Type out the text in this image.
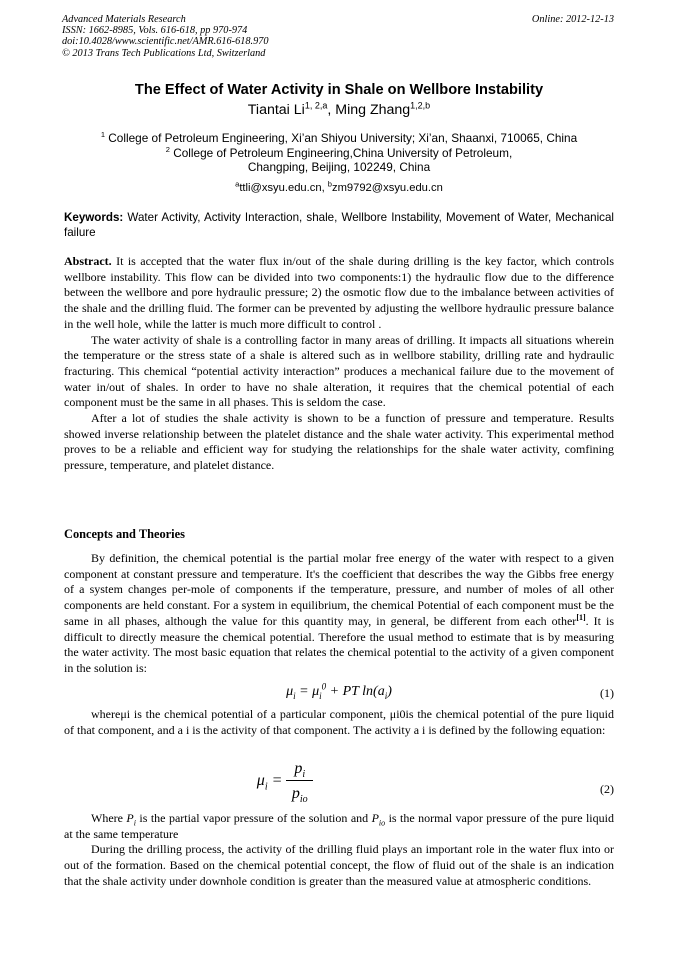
Advanced Materials Research
ISSN: 1662-8985, Vols. 616-618, pp 970-974
doi:10.4028/www.scientific.net/AMR.616-618.970
© 2013 Trans Tech Publications Ltd, Switzerland
Online: 2012-12-13
The Effect of Water Activity in Shale on Wellbore Instability
Tiantai Li$^{1, 2,a}$, Ming Zhang$^{1,2,b}$
$^1$ College of Petroleum Engineering, Xi’an Shiyou University; Xi’an, Shaanxi, 710065, China
$^2$ College of Petroleum Engineering,China University of Petroleum,
Changping, Beijing, 102249, China
$^a$ttli@xsyu.edu.cn, $^b$zm9792@xsyu.edu.cn
Keywords: Water Activity, Activity Interaction, shale, Wellbore Instability, Movement of Water, Mechanical failure

Abstract. It is accepted that the water flux in/out of the shale during drilling is the key factor, which controls wellbore instability. This flow can be divided into two components:1) the hydraulic flow due to the difference between the wellbore and pore hydraulic pressure; 2) the osmotic flow due to the imbalance between activities of the shale and the drilling fluid. The former can be prevented by adjusting the wellbore hydraulic pressure balance in the well hole, while the latter is much more difficult to control .

The water activity of shale is a controlling factor in many areas of drilling. It impacts all situations wherein the temperature or the stress state of a shale is altered such as in wellbore stability, drilling rate and hydraulic fracturing. This chemical “potential activity interaction” produces a mechanical failure due to the movement of water in/out of shales. In order to have no shale alteration, it requires that the chemical potential of each component must be the same in all phases. This is seldom the case.

After a lot of studies the shale activity is shown to be a function of pressure and temperature. Results showed inverse relationship between the platelet distance and the shale water activity. This experimental method proves to be a reliable and efficient way for studying the relationships for the shale water activity, comfining pressure, temperature, and platelet distance.

Concepts and Theories

By definition, the chemical potential is the partial molar free energy of the water with respect to a given component at constant pressure and temperature. It's the coefficient that describes the way the Gibbs free energy of a system changes per-mole of components if the temperature, pressure, and number of moles of all other components are held constant. For a system in equilibrium, the chemical Potential of each component must be the same in all phases, although the value for this quantity may, in general, be different from each other[1]. It is difficult to directly measure the chemical potential. Therefore the usual method to estimate that is by measuring the water activity. The most basic equation that relates the chemical potential to the activity of a given component in the solution is:

$\mu_i = \mu_i^0$ + PT $\ln(a_i)$	(1)

whereμi is the chemical potential of a particular component, μi0is the chemical potential of the pure liquid of that component, and a i is the activity of that component. The activity a i is defined by the following equation:

$\mu_i = \frac{p_i}{p_{io}}$	(2)

Where $P_i$ is the partial vapor pressure of the solution and $P_{io}$ is the normal vapor pressure of the pure liquid at the same temperature

During the drilling process, the activity of the drilling fluid plays an important role in the water flux into or out of the formation. Based on the chemical potential concept, the flow of fluid out of the shale is an indication that the shale activity under downhole condition is greater than the measured value at atmospheric conditions.
